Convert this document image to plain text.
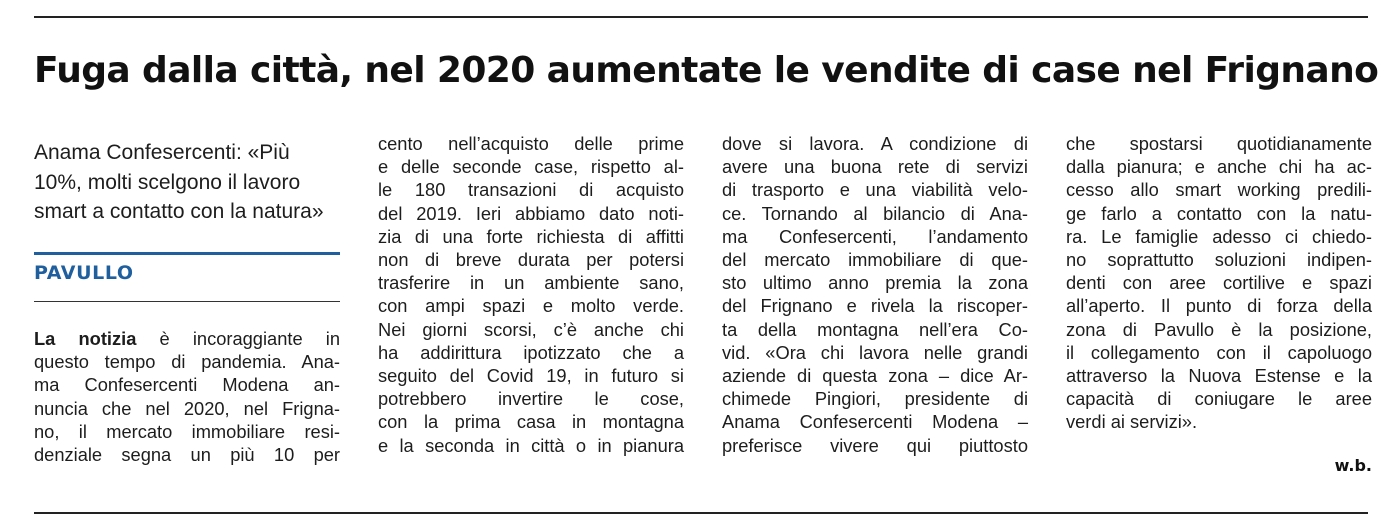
Fuga dalla città, nel 2020 aumentate le vendite di case nel Frignano
Anama Confesercenti: «Più
10%, molti scelgono il lavoro
smart a contatto con la natura»
PAVULLO
La notizia è incoraggiante in
questo tempo di pandemia. Ana-
ma Confesercenti Modena an-
nuncia che nel 2020, nel Frigna-
no, il mercato immobiliare resi-
denziale segna un più 10 per
cento nell’acquisto delle prime
e delle seconde case, rispetto al-
le 180 transazioni di acquisto
del 2019. Ieri abbiamo dato noti-
zia di una forte richiesta di affitti
non di breve durata per potersi
trasferire in un ambiente sano,
con ampi spazi e molto verde.
Nei giorni scorsi, c’è anche chi
ha addirittura ipotizzato che a
seguito del Covid 19, in futuro si
potrebbero invertire le cose,
con la prima casa in montagna
e la seconda in città o in pianura
dove si lavora. A condizione di
avere una buona rete di servizi
di trasporto e una viabilità velo-
ce. Tornando al bilancio di Ana-
ma Confesercenti, l’andamento
del mercato immobiliare di que-
sto ultimo anno premia la zona
del Frignano e rivela la riscoper-
ta della montagna nell’era Co-
vid. «Ora chi lavora nelle grandi
aziende di questa zona – dice Ar-
chimede Pingiori, presidente di
Anama Confesercenti Modena –
preferisce vivere qui piuttosto
che spostarsi quotidianamente
dalla pianura; e anche chi ha ac-
cesso allo smart working predili-
ge farlo a contatto con la natu-
ra. Le famiglie adesso ci chiedo-
no soprattutto soluzioni indipen-
denti con aree cortilive e spazi
all’aperto. Il punto di forza della
zona di Pavullo è la posizione,
il collegamento con il capoluogo
attraverso la Nuova Estense e la
capacità di coniugare le aree
verdi ai servizi».
w.b.
